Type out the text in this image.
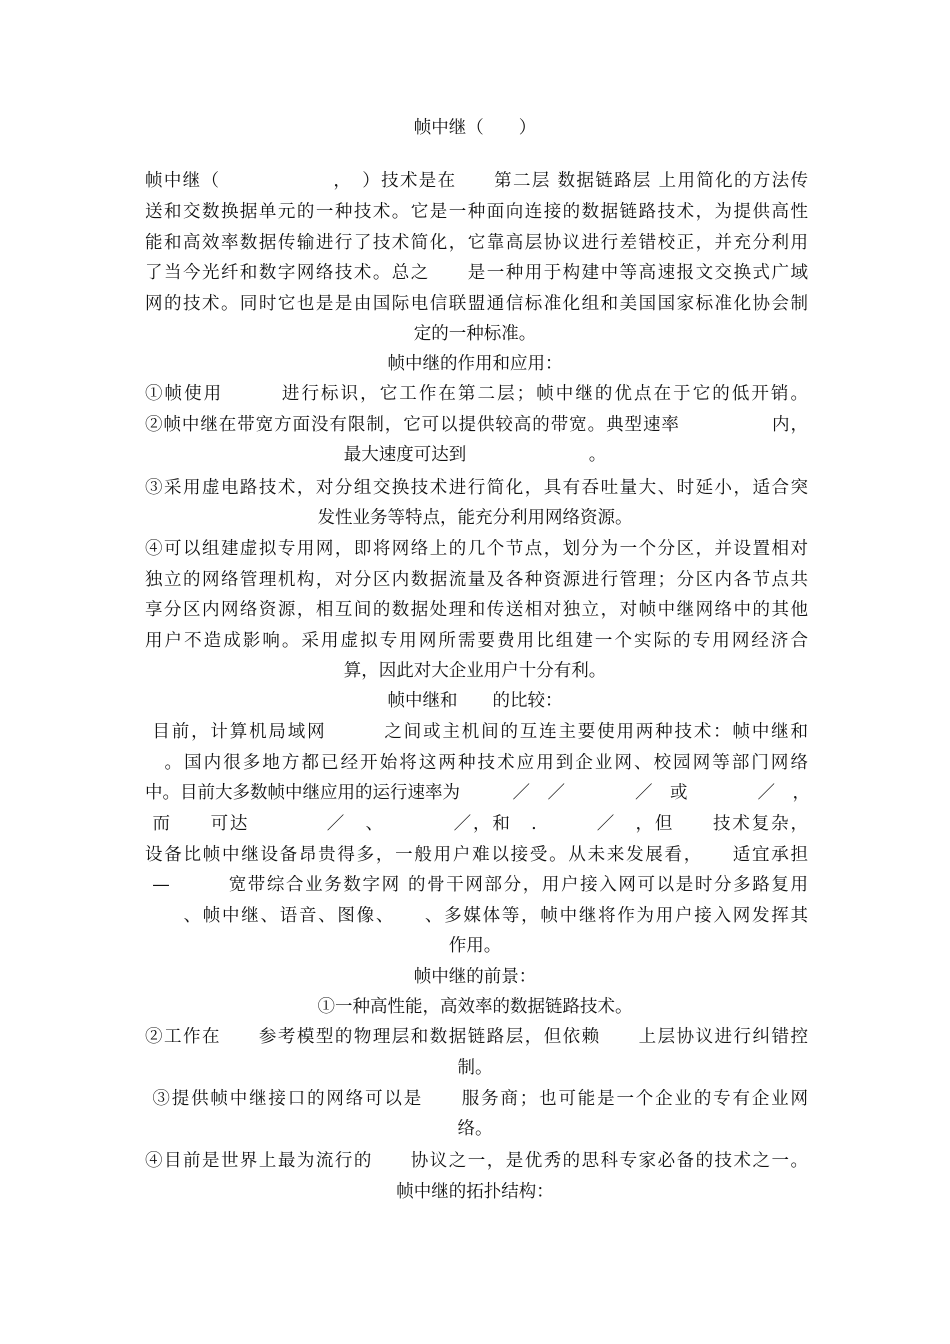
帧中继（　　）

帧中继（　　　　　　，　）技术是在　　第二层 数据链路层 上用简化的方法传

送和交数换据单元的一种技术。它是一种面向连接的数据链路技术，为提供高性

能和高效率数据传输进行了技术简化，它靠高层协议进行差错校正，并充分利用

了当今光纤和数字网络技术。总之　　是一种用于构建中等高速报文交换式广域

网的技术。同时它也是是由国际电信联盟通信标准化组和美国国家标准化协会制

定的一种标准。

帧中继的作用和应用：

①帧使用　　　进行标识，它工作在第二层；帧中继的优点在于它的低开销。

②帧中继在带宽方面没有限制，它可以提供较高的带宽。典型速率　　　　　内，

最大速度可达到　　　　　　　。

③采用虚电路技术，对分组交换技术进行简化，具有吞吐量大、时延小，适合突

发性业务等特点，能充分利用网络资源。

④可以组建虚拟专用网，即将网络上的几个节点，划分为一个分区，并设置相对

独立的网络管理机构，对分区内数据流量及各种资源进行管理；分区内各节点共

享分区内网络资源，相互间的数据处理和传送相对独立，对帧中继网络中的其他

用户不造成影响。采用虚拟专用网所需要费用比组建一个实际的专用网经济合

算，因此对大企业用户十分有利。

帧中继和　　的比较：

目前，计算机局域网　　　之间或主机间的互连主要使用两种技术：帧中继和

　。国内很多地方都已经开始将这两种技术应用到企业网、校园网等部门网络

中。目前大多数帧中继应用的运行速率为　　　／　／　　　　／　或　　　　／　，

而　　可达　　　　／　、　　　　／，和　.　　　／　，但　　技术复杂，

设备比帧中继设备昂贵得多，一般用户难以接受。从未来发展看，　　适宜承担

—　　　宽带综合业务数字网 的骨干网部分，用户接入网可以是时分多路复用

　　、帧中继、语音、图像、　　、多媒体等，帧中继将作为用户接入网发挥其

作用。

帧中继的前景：

①一种高性能，高效率的数据链路技术。

②工作在　　参考模型的物理层和数据链路层，但依赖　　上层协议进行纠错控

制。

③提供帧中继接口的网络可以是　　服务商；也可能是一个企业的专有企业网

络。

④目前是世界上最为流行的　　协议之一，是优秀的思科专家必备的技术之一。

帧中继的拓扑结构：
